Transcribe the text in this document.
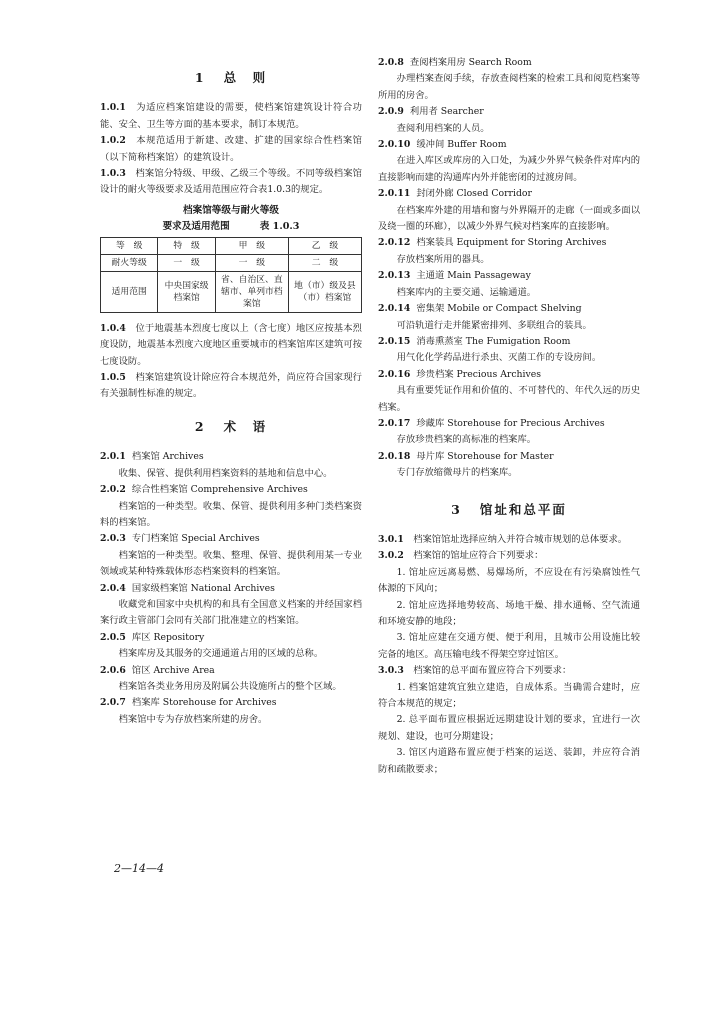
1 总　则

1.0.1　 为适应档案馆建设的需要，使档案馆建筑设计符合功能、安全、卫生等方面的基本要求，制订本规范。

1.0.2　 本规范适用于新建、改建、扩建的国家综合性档案馆（以下简称档案馆）的建筑设计。

1.0.3　 档案馆分特级、甲级、乙级三个等级。不同等级档案馆设计的耐火等级要求及适用范围应符合表1.0.3的规定。

档案馆等级与耐火等级
要求及适用范围	表 1.0.3
等　级	特　级	甲　级	乙　级
耐火等级	一　级	一　级	二　级
适用范围	中央国家级档案馆	省、自治区、直辖市、单列市档案馆	地（市）级及县（市）档案馆

1.0.4　 位于地震基本烈度七度以上（含七度）地区应按基本烈度设防，地震基本烈度六度地区重要城市的档案馆库区建筑可按七度设防。

1.0.5　 档案馆建筑设计除应符合本规范外，尚应符合国家现行有关强制性标准的规定。

2 术　语

2.0.1 档案馆 Archives

收集、保管、提供利用档案资料的基地和信息中心。

2.0.2 综合性档案馆 Comprehensive Archives

档案馆的一种类型。收集、保管、提供利用多种门类档案资料的档案馆。

2.0.3 专门档案馆 Special Archives

档案馆的一种类型。收集、整理、保管、提供利用某一专业领域或某种特殊载体形态档案资料的档案馆。

2.0.4 国家级档案馆 National Archives

收藏党和国家中央机构的和具有全国意义档案的并经国家档案行政主管部门会同有关部门批准建立的档案馆。

2.0.5 库区 Repository

档案库房及其服务的交通通道占用的区域的总称。

2.0.6 馆区 Archive Area

档案馆各类业务用房及附属公共设施所占的整个区域。

2.0.7 档案库 Storehouse for Archives

档案馆中专为存放档案所建的房舍。

2—14—4

2.0.8 查阅档案用房 Search Room

办理档案查阅手续，存放查阅档案的检索工具和阅览档案等所用的房舍。

2.0.9 利用者 Searcher

查阅利用档案的人员。

2.0.10 缓冲间 Buffer Room

在进入库区或库房的入口处，为减少外界气候条件对库内的直接影响而建的沟通库内外并能密闭的过渡房间。

2.0.11 封闭外廊 Closed Corridor

在档案库外建的用墙和窗与外界隔开的走廊（一面或多面以及绕一圈的环廊），以减少外界气候对档案库的直接影响。

2.0.12 档案装具 Equipment for Storing Archives

存放档案所用的器具。

2.0.13 主通道 Main Passageway

档案库内的主要交通、运输通道。

2.0.14 密集架 Mobile or Compact Shelving

可沿轨道行走并能紧密排列、多联组合的装具。

2.0.15 消毒熏蒸室 The Fumigation Room

用气化化学药品进行杀虫、灭菌工作的专设房间。

2.0.16 珍贵档案 Precious Archives

具有重要凭证作用和价值的、不可替代的、年代久远的历史档案。

2.0.17 珍藏库 Storehouse for Precious Archives

存放珍贵档案的高标准的档案库。

2.0.18 母片库 Storehouse for Master

专门存放缩微母片的档案库。

3 馆址和总平面

3.0.1　 档案馆馆址选择应纳入并符合城市规划的总体要求。

3.0.2　 档案馆的馆址应符合下列要求：

1. 馆址应远离易燃、易爆场所，不应设在有污染腐蚀性气体源的下风向；

2. 馆址应选择地势较高、场地干燥、排水通畅、空气流通和环境安静的地段；

3. 馆址应建在交通方便、便于利用，且城市公用设施比较完备的地区。高压输电线不得架空穿过馆区。

3.0.3　 档案馆的总平面布置应符合下列要求：

1. 档案馆建筑宜独立建造，自成体系。当确需合建时，应符合本规范的规定；

2. 总平面布置应根据近远期建设计划的要求，宜进行一次规划、建设，也可分期建设；

3. 馆区内道路布置应便于档案的运送、装卸，并应符合消防和疏散要求；
